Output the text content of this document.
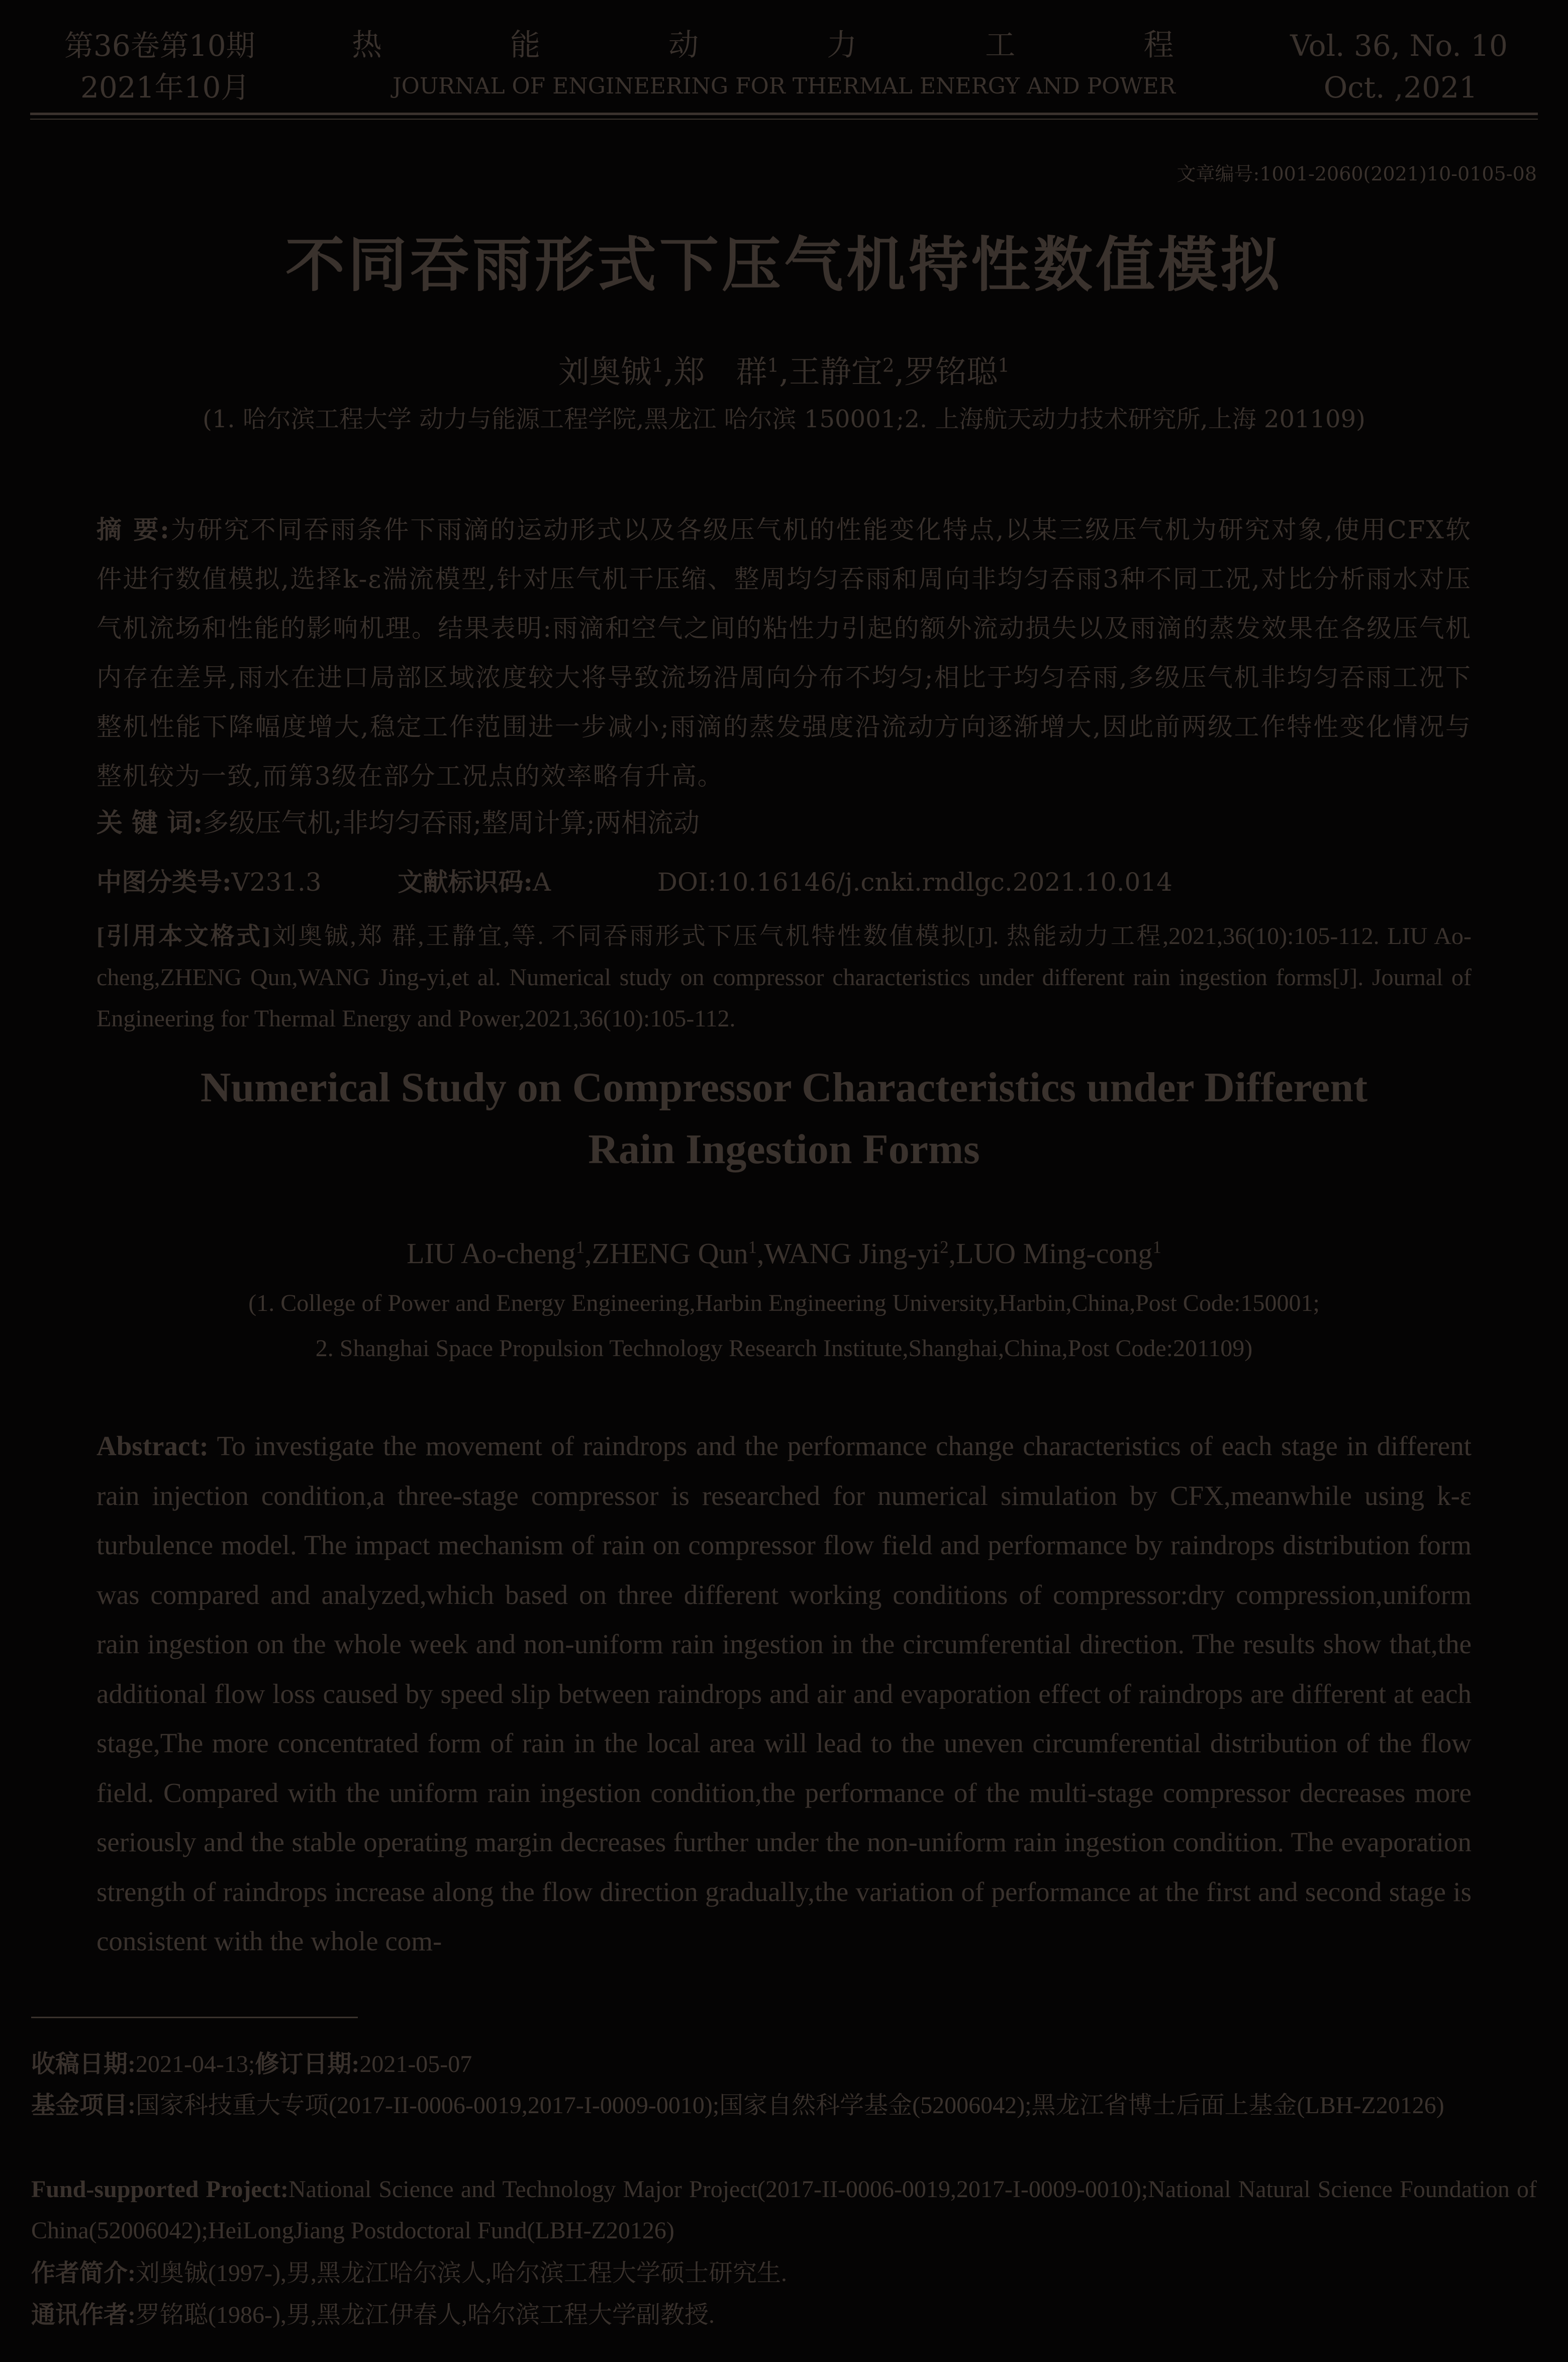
第36卷第10期
2021年10月
热 能 动 力 工 程
JOURNAL OF ENGINEERING FOR THERMAL ENERGY AND POWER
Vol. 36, No. 10
Oct. ,2021
文章编号:1001-2060(2021)10-0105-08
不同吞雨形式下压气机特性数值模拟
刘奥铖$^1$,郑　群$^1$,王静宜$^2$,罗铭聪$^1$
(1. 哈尔滨工程大学 动力与能源工程学院,黑龙江 哈尔滨 150001;2. 上海航天动力技术研究所,上海 201109)
摘 要:为研究不同吞雨条件下雨滴的运动形式以及各级压气机的性能变化特点,以某三级压气机为研究对象,使用CFX软件进行数值模拟,选择k-ε湍流模型,针对压气机干压缩、整周均匀吞雨和周向非均匀吞雨3种不同工况,对比分析雨水对压气机流场和性能的影响机理。结果表明:雨滴和空气之间的粘性力引起的额外流动损失以及雨滴的蒸发效果在各级压气机内存在差异,雨水在进口局部区域浓度较大将导致流场沿周向分布不均匀;相比于均匀吞雨,多级压气机非均匀吞雨工况下整机性能下降幅度增大,稳定工作范围进一步减小;雨滴的蒸发强度沿流动方向逐渐增大,因此前两级工作特性变化情况与整机较为一致,而第3级在部分工况点的效率略有升高。
关 键 词:多级压气机;非均匀吞雨;整周计算;两相流动
中图分类号:V231.3	文献标识码:A	DOI:10.16146/j.cnki.rndlgc.2021.10.014
[引用本文格式]刘奥铖,郑 群,王静宜,等. 不同吞雨形式下压气机特性数值模拟[J]. 热能动力工程,2021,36(10):105-112. LIU Ao-cheng,ZHENG Qun,WANG Jing-yi,et al. Numerical study on compressor characteristics under different rain ingestion forms[J]. Journal of Engineering for Thermal Energy and Power,2021,36(10):105-112.
Numerical Study on Compressor Characteristics under Different
Rain Ingestion Forms
LIU Ao-cheng$^1$,ZHENG Qun$^1$,WANG Jing-$yi^2,LUO$ Ming-cong$^1$
(1. College of Power and Energy Engineering,Harbin Engineering University,Harbin,China,Post Code:150001;
2. Shanghai Space Propulsion Technology Research Institute,Shanghai,China,Post Code:201109)
Abstract: To investigate the movement of raindrops and the performance change characteristics of each stage in different rain injection condition,a three-stage compressor is researched for numerical simulation by CFX,meanwhile using k-ε turbulence model. The impact mechanism of rain on compressor flow field and performance by raindrops distribution form was compared and analyzed,which based on three different working conditions of compressor:dry compression,uniform rain ingestion on the whole week and non-uniform rain ingestion in the circumferential direction. The results show that,the additional flow loss caused by speed slip between raindrops and air and evaporation effect of raindrops are different at each stage,The more concentrated form of rain in the local area will lead to the uneven circumferential distribution of the flow field. Compared with the uniform rain ingestion condition,the performance of the multi-stage compressor decreases more seriously and the stable operating margin decreases further under the non-uniform rain ingestion condition. The evaporation strength of raindrops increase along the flow direction gradually,the variation of performance at the first and second stage is consistent with the whole com-
收稿日期:2021-04-13;修订日期:2021-05-07
基金项目:国家科技重大专项(2017-II-0006-0019,2017-I-0009-0010);国家自然科学基金(52006042);黑龙江省博士后面上基金(LBH-Z20126)
Fund-supported Project:National Science and Technology Major Project(2017-II-0006-0019,2017-I-0009-0010);National Natural Science Foundation of China(52006042);HeiLongJiang Postdoctoral Fund(LBH-Z20126)
作者简介:刘奥铖(1997-),男,黑龙江哈尔滨人,哈尔滨工程大学硕士研究生.
通讯作者:罗铭聪(1986-),男,黑龙江伊春人,哈尔滨工程大学副教授.
